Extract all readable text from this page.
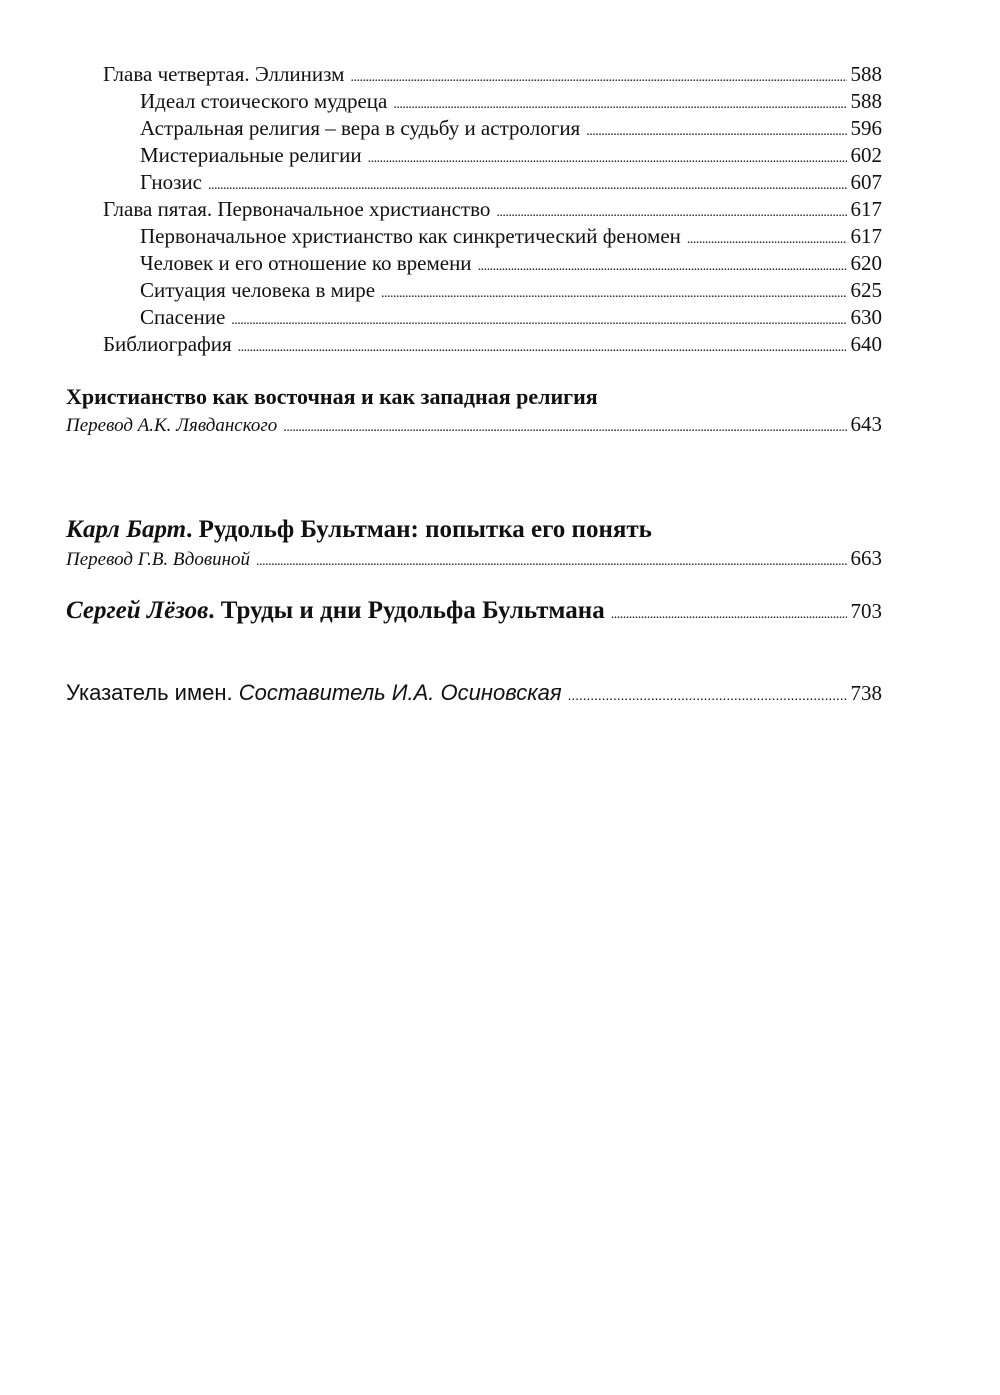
Глава четвертая. Эллинизм . . .	588
Идеал стоического мудреца . . .	588
Астральная религия – вера в судьбу и астрология . . .	596
Мистериальные религии . . .	602
Гнозис . . .	607
Глава пятая. Первоначальное христианство . . .	617
Первоначальное христианство как синкретический феномен . . .	617
Человек и его отношение ко времени . . .	620
Ситуация человека в мире . . .	625
Спасение . . .	630
Библиография . . .	640
Христианство как восточная и как западная религия
Перевод А.К. Лявданского . . .	643
Карл Барт. Рудольф Бультман: попытка его понять
Перевод Г.В. Вдовиной . . .	663
Сергей Лёзов. Труды и дни Рудольфа Бультмана . . .	703
Указатель имен. Составитель И.А. Осиновская . . .	738
